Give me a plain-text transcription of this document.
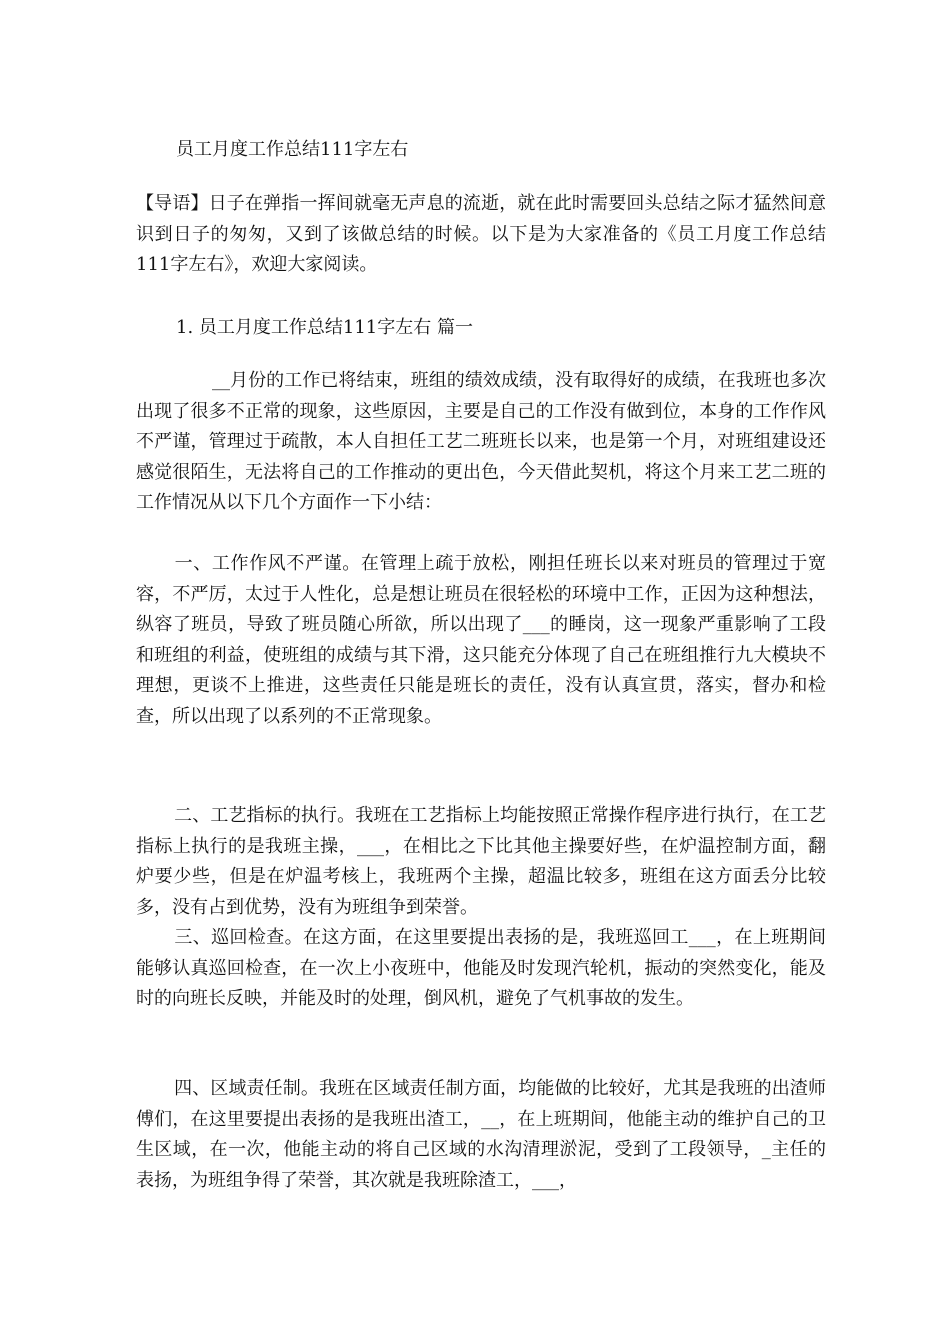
员工月度工作总结111字左右

【导语】日子在弹指一挥间就毫无声息的流逝，就在此时需要回头总结之际才猛然间意识到日子的匆匆，又到了该做总结的时候。以下是为大家准备的《员工月度工作总结111字左右》，欢迎大家阅读。

1. 员工月度工作总结111字左右 篇一

__月份的工作已将结束，班组的绩效成绩，没有取得好的成绩，在我班也多次出现了很多不正常的现象，这些原因，主要是自己的工作没有做到位，本身的工作作风不严谨，管理过于疏散，本人自担任工艺二班班长以来，也是第一个月，对班组建设还感觉很陌生，无法将自己的工作推动的更出色，今天借此契机，将这个月来工艺二班的工作情况从以下几个方面作一下小结：

一、工作作风不严谨。在管理上疏于放松，刚担任班长以来对班员的管理过于宽容，不严厉，太过于人性化，总是想让班员在很轻松的环境中工作，正因为这种想法，纵容了班员，导致了班员随心所欲，所以出现了___的睡岗，这一现象严重影响了工段和班组的利益，使班组的成绩与其下滑，这只能充分体现了自己在班组推行九大模块不理想，更谈不上推进，这些责任只能是班长的责任，没有认真宣贯，落实，督办和检查，所以出现了以系列的不正常现象。

二、工艺指标的执行。我班在工艺指标上均能按照正常操作程序进行执行，在工艺指标上执行的是我班主操，___，在相比之下比其他主操要好些，在炉温控制方面，翻炉要少些，但是在炉温考核上，我班两个主操，超温比较多，班组在这方面丢分比较多，没有占到优势，没有为班组争到荣誉。

三、巡回检查。在这方面，在这里要提出表扬的是，我班巡回工___，在上班期间能够认真巡回检查，在一次上小夜班中，他能及时发现汽轮机，振动的突然变化，能及时的向班长反映，并能及时的处理，倒风机，避免了气机事故的发生。

四、区域责任制。我班在区域责任制方面，均能做的比较好，尤其是我班的出渣师傅们，在这里要提出表扬的是我班出渣工，__，在上班期间，他能主动的维护自己的卫生区域，在一次，他能主动的将自己区域的水沟清理淤泥，受到了工段领导，_主任的表扬，为班组争得了荣誉，其次就是我班除渣工，___，
